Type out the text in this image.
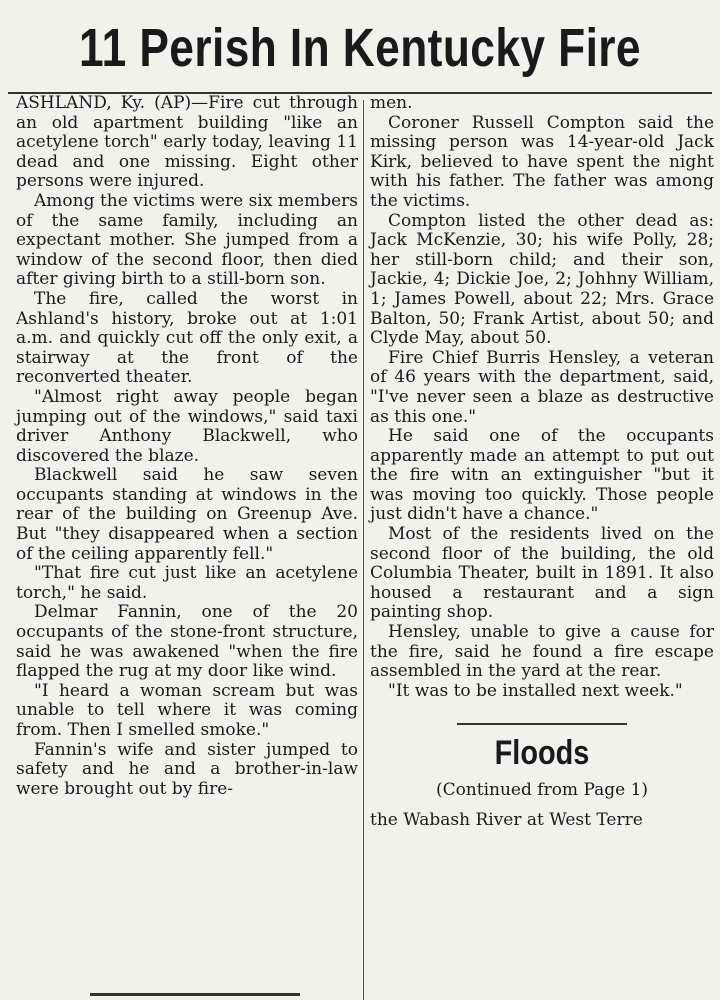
11 Perish In Kentucky Fire

ASHLAND, Ky. (AP)—Fire cut through an old apartment building "like an acetylene torch" early today, leaving 11 dead and one missing. Eight other persons were injured.

Among the victims were six members of the same family, including an expectant mother. She jumped from a window of the second floor, then died after giving birth to a still-born son.

The fire, called the worst in Ashland's history, broke out at 1:01 a.m. and quickly cut off the only exit, a stairway at the front of the reconverted theater.

"Almost right away people began jumping out of the windows," said taxi driver Anthony Blackwell, who discovered the blaze.

Blackwell said he saw seven occupants standing at windows in the rear of the building on Greenup Ave. But "they disappeared when a section of the ceiling apparently fell."

"That fire cut just like an acetylene torch," he said.

Delmar Fannin, one of the 20 occupants of the stone-front structure, said he was awakened "when the fire flapped the rug at my door like wind.

"I heard a woman scream but was unable to tell where it was coming from. Then I smelled smoke."

Fannin's wife and sister jumped to safety and he and a brother-in-law were brought out by fire-

men.

Coroner Russell Compton said the missing person was 14-year-old Jack Kirk, believed to have spent the night with his father. The father was among the victims.

Compton listed the other dead as: Jack McKenzie, 30; his wife Polly, 28; her still-born child; and their son, Jackie, 4; Dickie Joe, 2; Johhny William, 1; James Powell, about 22; Mrs. Grace Balton, 50; Frank Artist, about 50; and Clyde May, about 50.

Fire Chief Burris Hensley, a veteran of 46 years with the department, said, "I've never seen a blaze as destructive as this one."

He said one of the occupants apparently made an attempt to put out the fire witn an extinguisher "but it was moving too quickly. Those people just didn't have a chance."

Most of the residents lived on the second floor of the building, the old Columbia Theater, built in 1891. It also housed a restaurant and a sign painting shop.

Hensley, unable to give a cause for the fire, said he found a fire escape assembled in the yard at the rear.

"It was to be installed next week."

Floods
(Continued from Page 1)

the Wabash River at West Terre
